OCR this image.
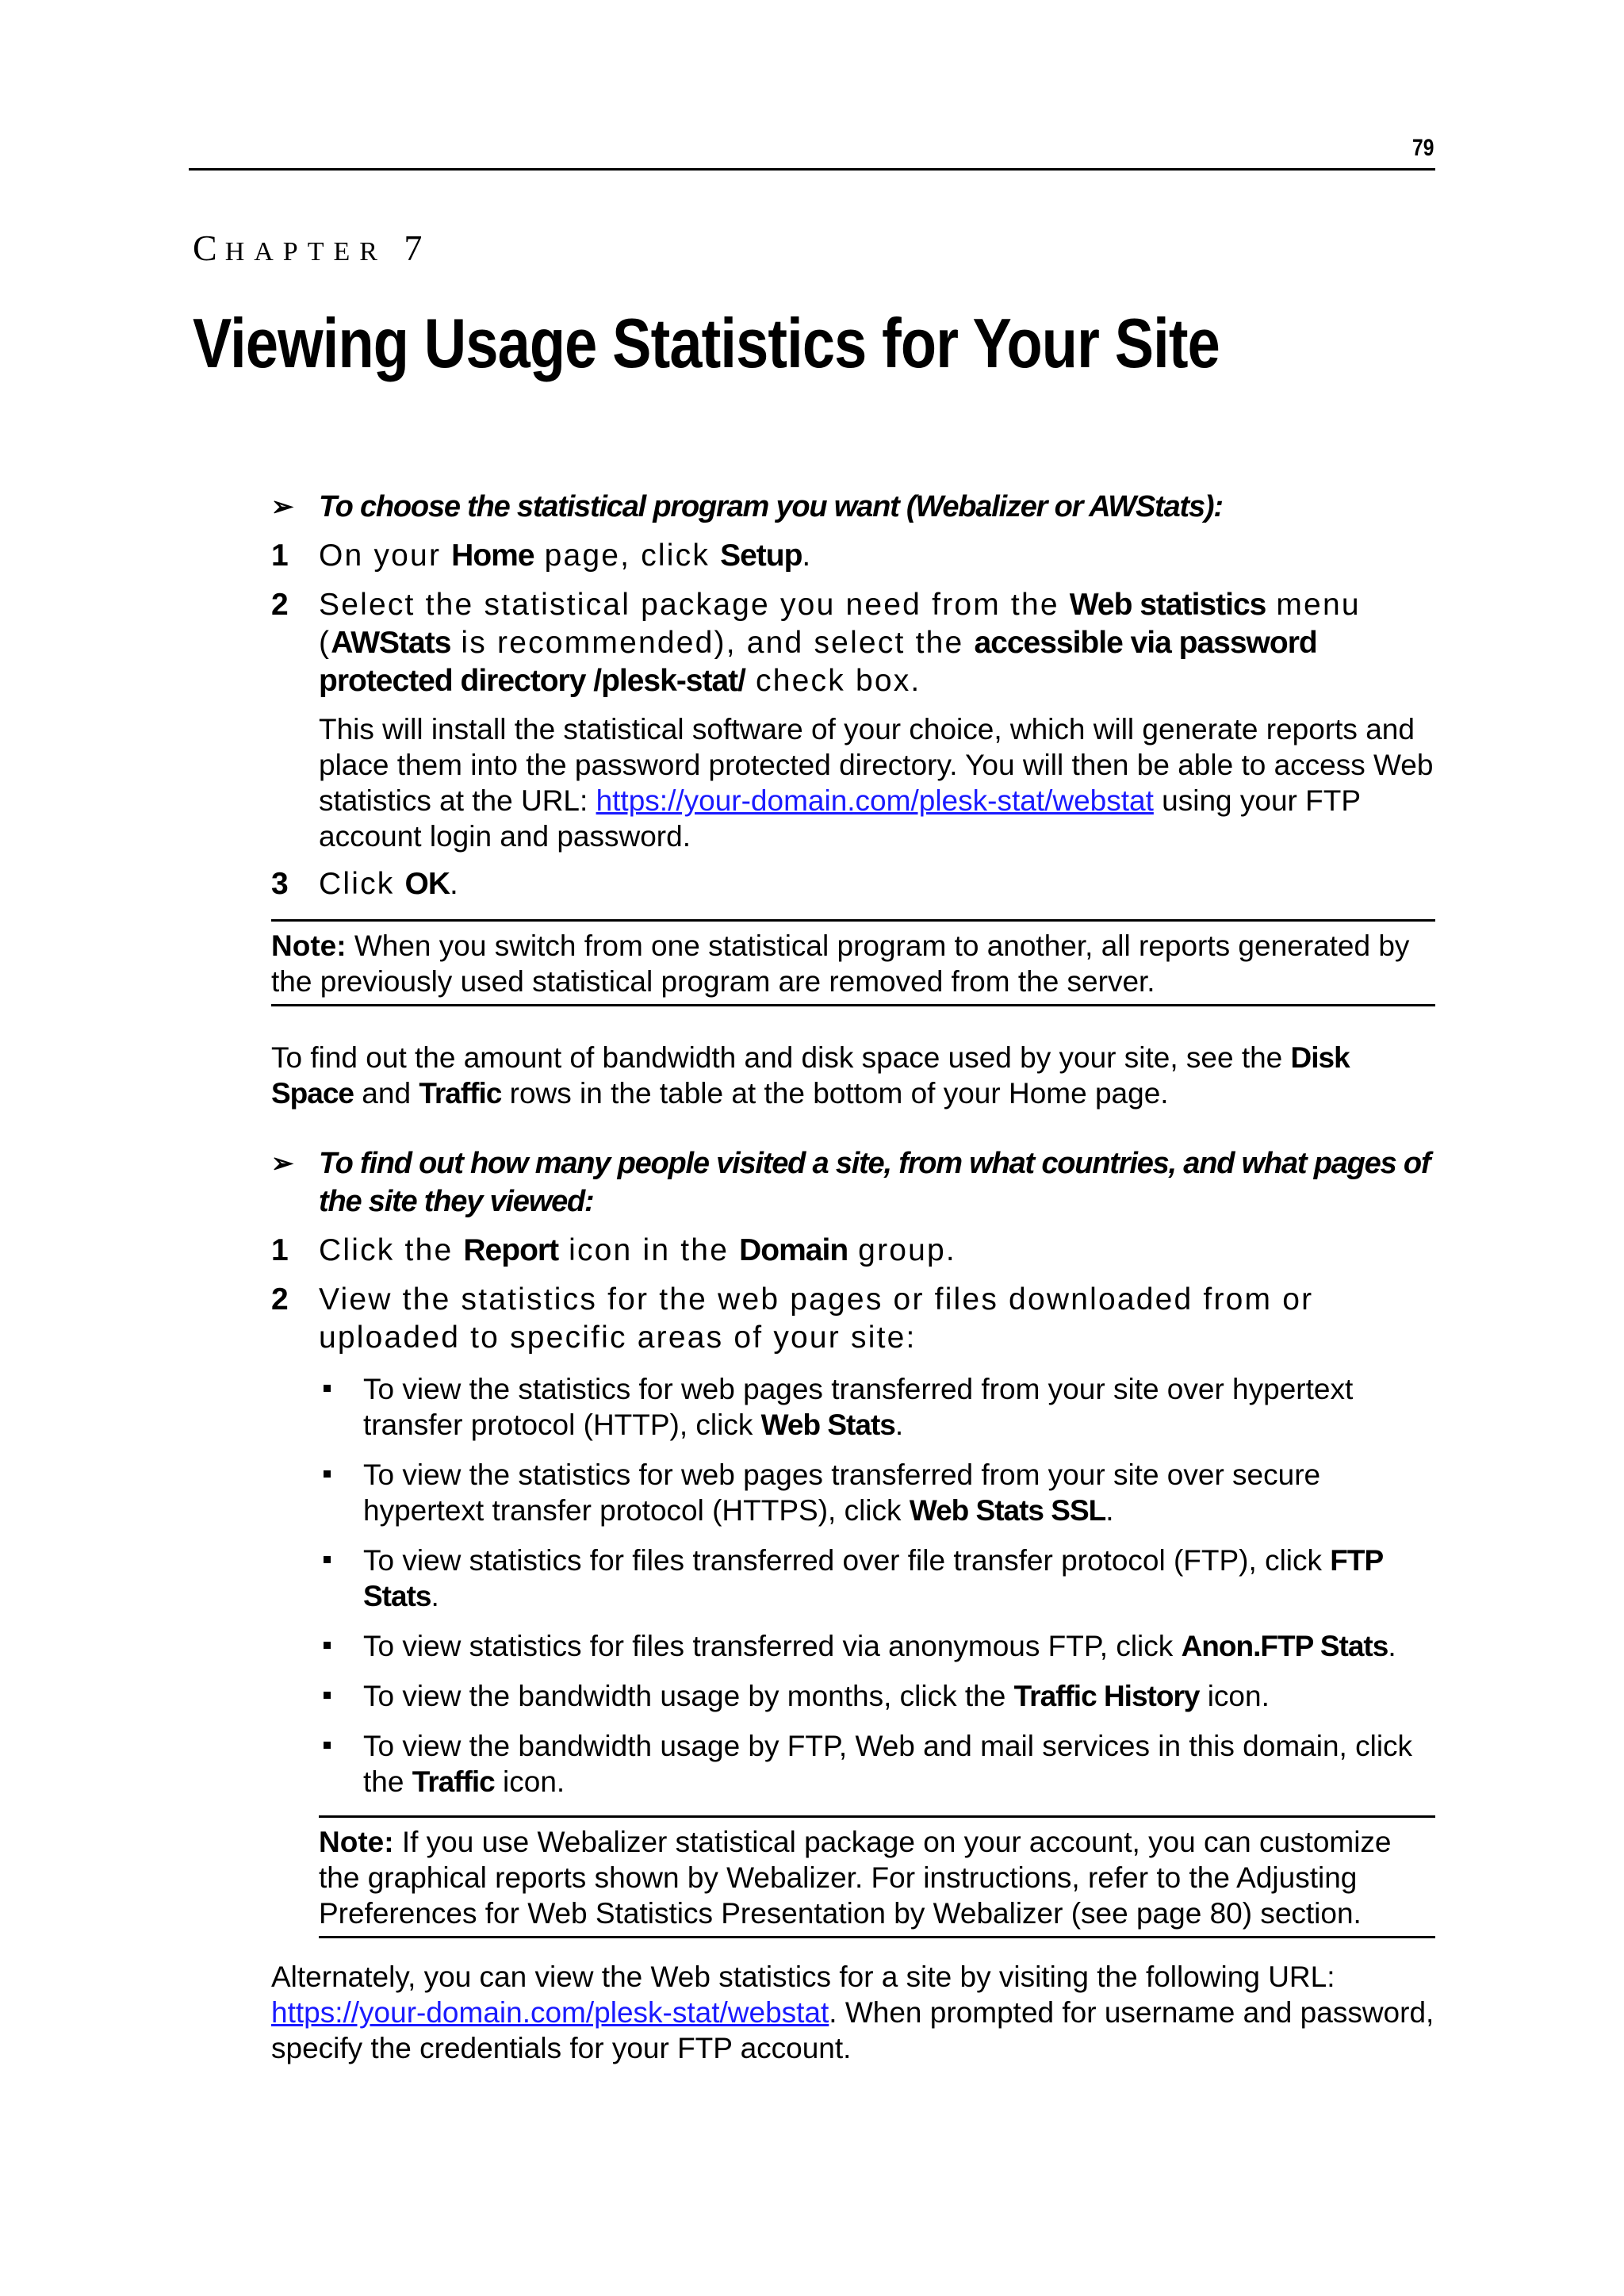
79
CHAPTER 7
Viewing Usage Statistics for Your Site
➢ To choose the statistical program you want (Webalizer or AWStats):
1 On your Home page, click Setup.
2 Select the statistical package you need from the Web statistics menu (AWStats is recommended), and select the accessible via password protected directory /plesk-stat/ check box.
This will install the statistical software of your choice, which will generate reports and place them into the password protected directory. You will then be able to access Web statistics at the URL: https://your-domain.com/plesk-stat/webstat using your FTP account login and password.
3 Click OK.
Note: When you switch from one statistical program to another, all reports generated by the previously used statistical program are removed from the server.
To find out the amount of bandwidth and disk space used by your site, see the Disk Space and Traffic rows in the table at the bottom of your Home page.
➢ To find out how many people visited a site, from what countries, and what pages of the site they viewed:
1 Click the Report icon in the Domain group.
2 View the statistics for the web pages or files downloaded from or uploaded to specific areas of your site:
To view the statistics for web pages transferred from your site over hypertext transfer protocol (HTTP), click Web Stats.
To view the statistics for web pages transferred from your site over secure hypertext transfer protocol (HTTPS), click Web Stats SSL.
To view statistics for files transferred over file transfer protocol (FTP), click FTP Stats.
To view statistics for files transferred via anonymous FTP, click Anon.FTP Stats.
To view the bandwidth usage by months, click the Traffic History icon.
To view the bandwidth usage by FTP, Web and mail services in this domain, click the Traffic icon.
Note: If you use Webalizer statistical package on your account, you can customize the graphical reports shown by Webalizer. For instructions, refer to the Adjusting Preferences for Web Statistics Presentation by Webalizer (see page 80) section.
Alternately, you can view the Web statistics for a site by visiting the following URL: https://your-domain.com/plesk-stat/webstat. When prompted for username and password, specify the credentials for your FTP account.
